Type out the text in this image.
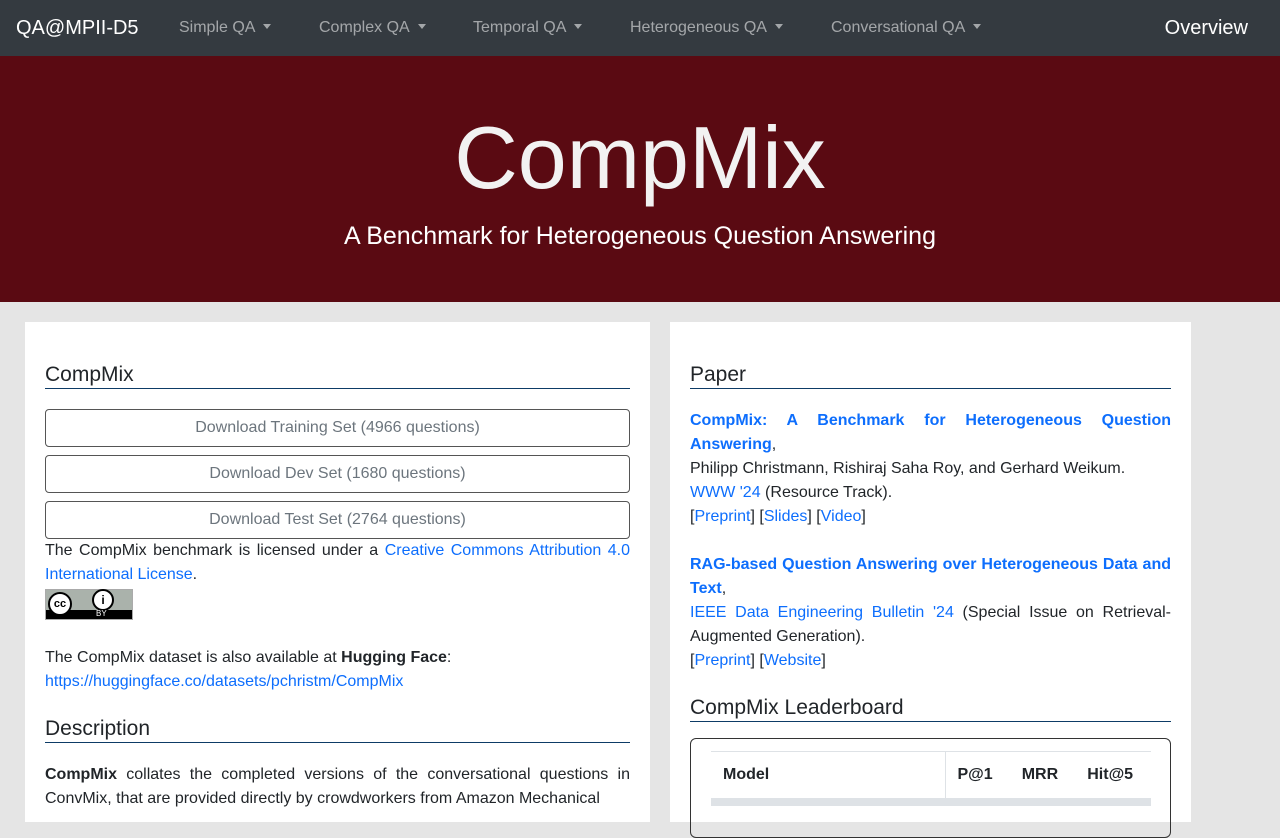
QA@MPII-D5	Simple QA	Complex QA	Temporal QA	Heterogeneous QA	Conversational QA	Overview
CompMix

A Benchmark for Heterogeneous Question Answering

CompMix
Download Training Set (4966 questions)
Download Dev Set (1680 questions)
Download Test Set (2764 questions)

The CompMix benchmark is licensed under a Creative Commons Attribution 4.0 International License.

cc	i
BY

The CompMix dataset is also available at Hugging Face:
https://huggingface.co/datasets/pchristm/CompMix

Description

CompMix collates the completed versions of the conversational questions in ConvMix, that are provided directly by crowdworkers from Amazon Mechanical

Paper

CompMix: A Benchmark for Heterogeneous Question Answering,
Philipp Christmann, Rishiraj Saha Roy, and Gerhard Weikum.
WWW '24 (Resource Track).
[Preprint] [Slides] [Video]

RAG-based Question Answering over Heterogeneous Data and Text,
IEEE Data Engineering Bulletin '24 (Special Issue on Retrieval-Augmented Generation).
[Preprint] [Website]

CompMix Leaderboard
Model	P@1	MRR	Hit@5
